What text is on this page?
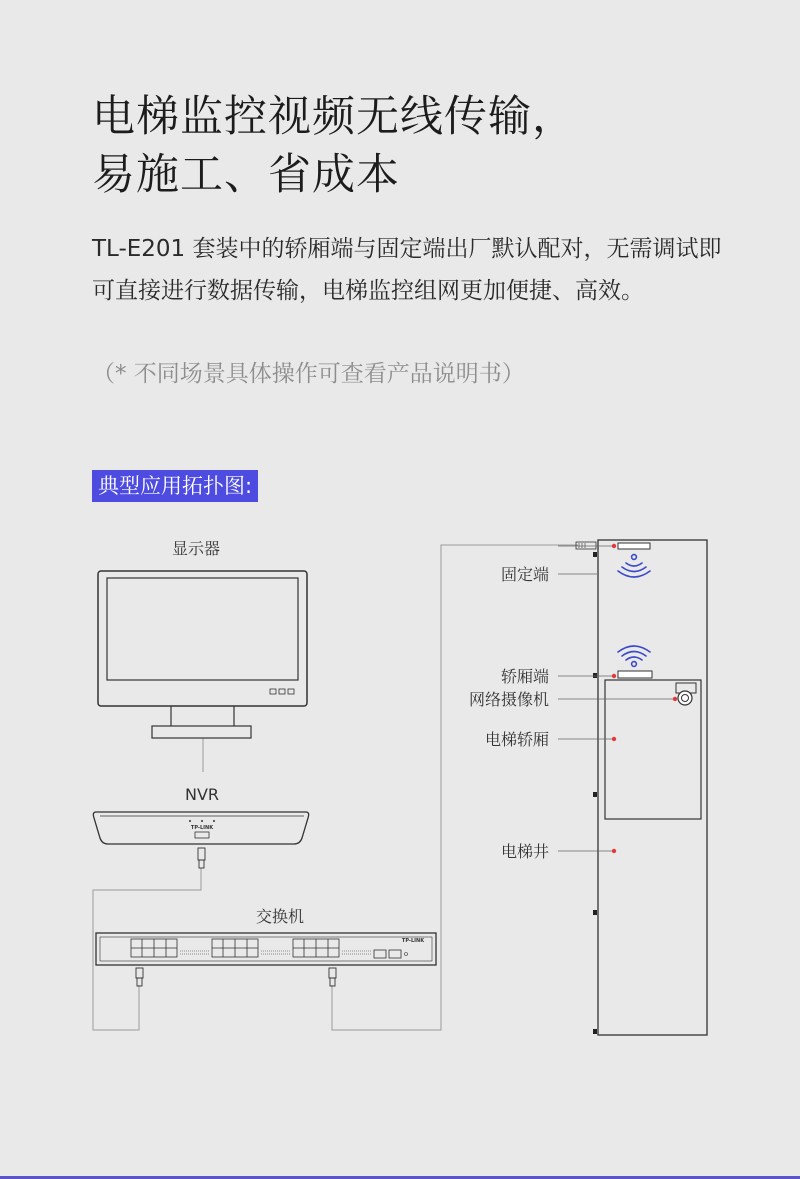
电梯监控视频无线传输，
易施工、省成本
TL-E201 套装中的轿厢端与固定端出厂默认配对，无需调试即可直接进行数据传输，电梯监控组网更加便捷、高效。
（* 不同场景具体操作可查看产品说明书）
典型应用拓扑图:
显示器
NVR
TP-LINK
交换机
TP-LINK
固定端
轿厢端
网络摄像机
电梯轿厢
电梯井
